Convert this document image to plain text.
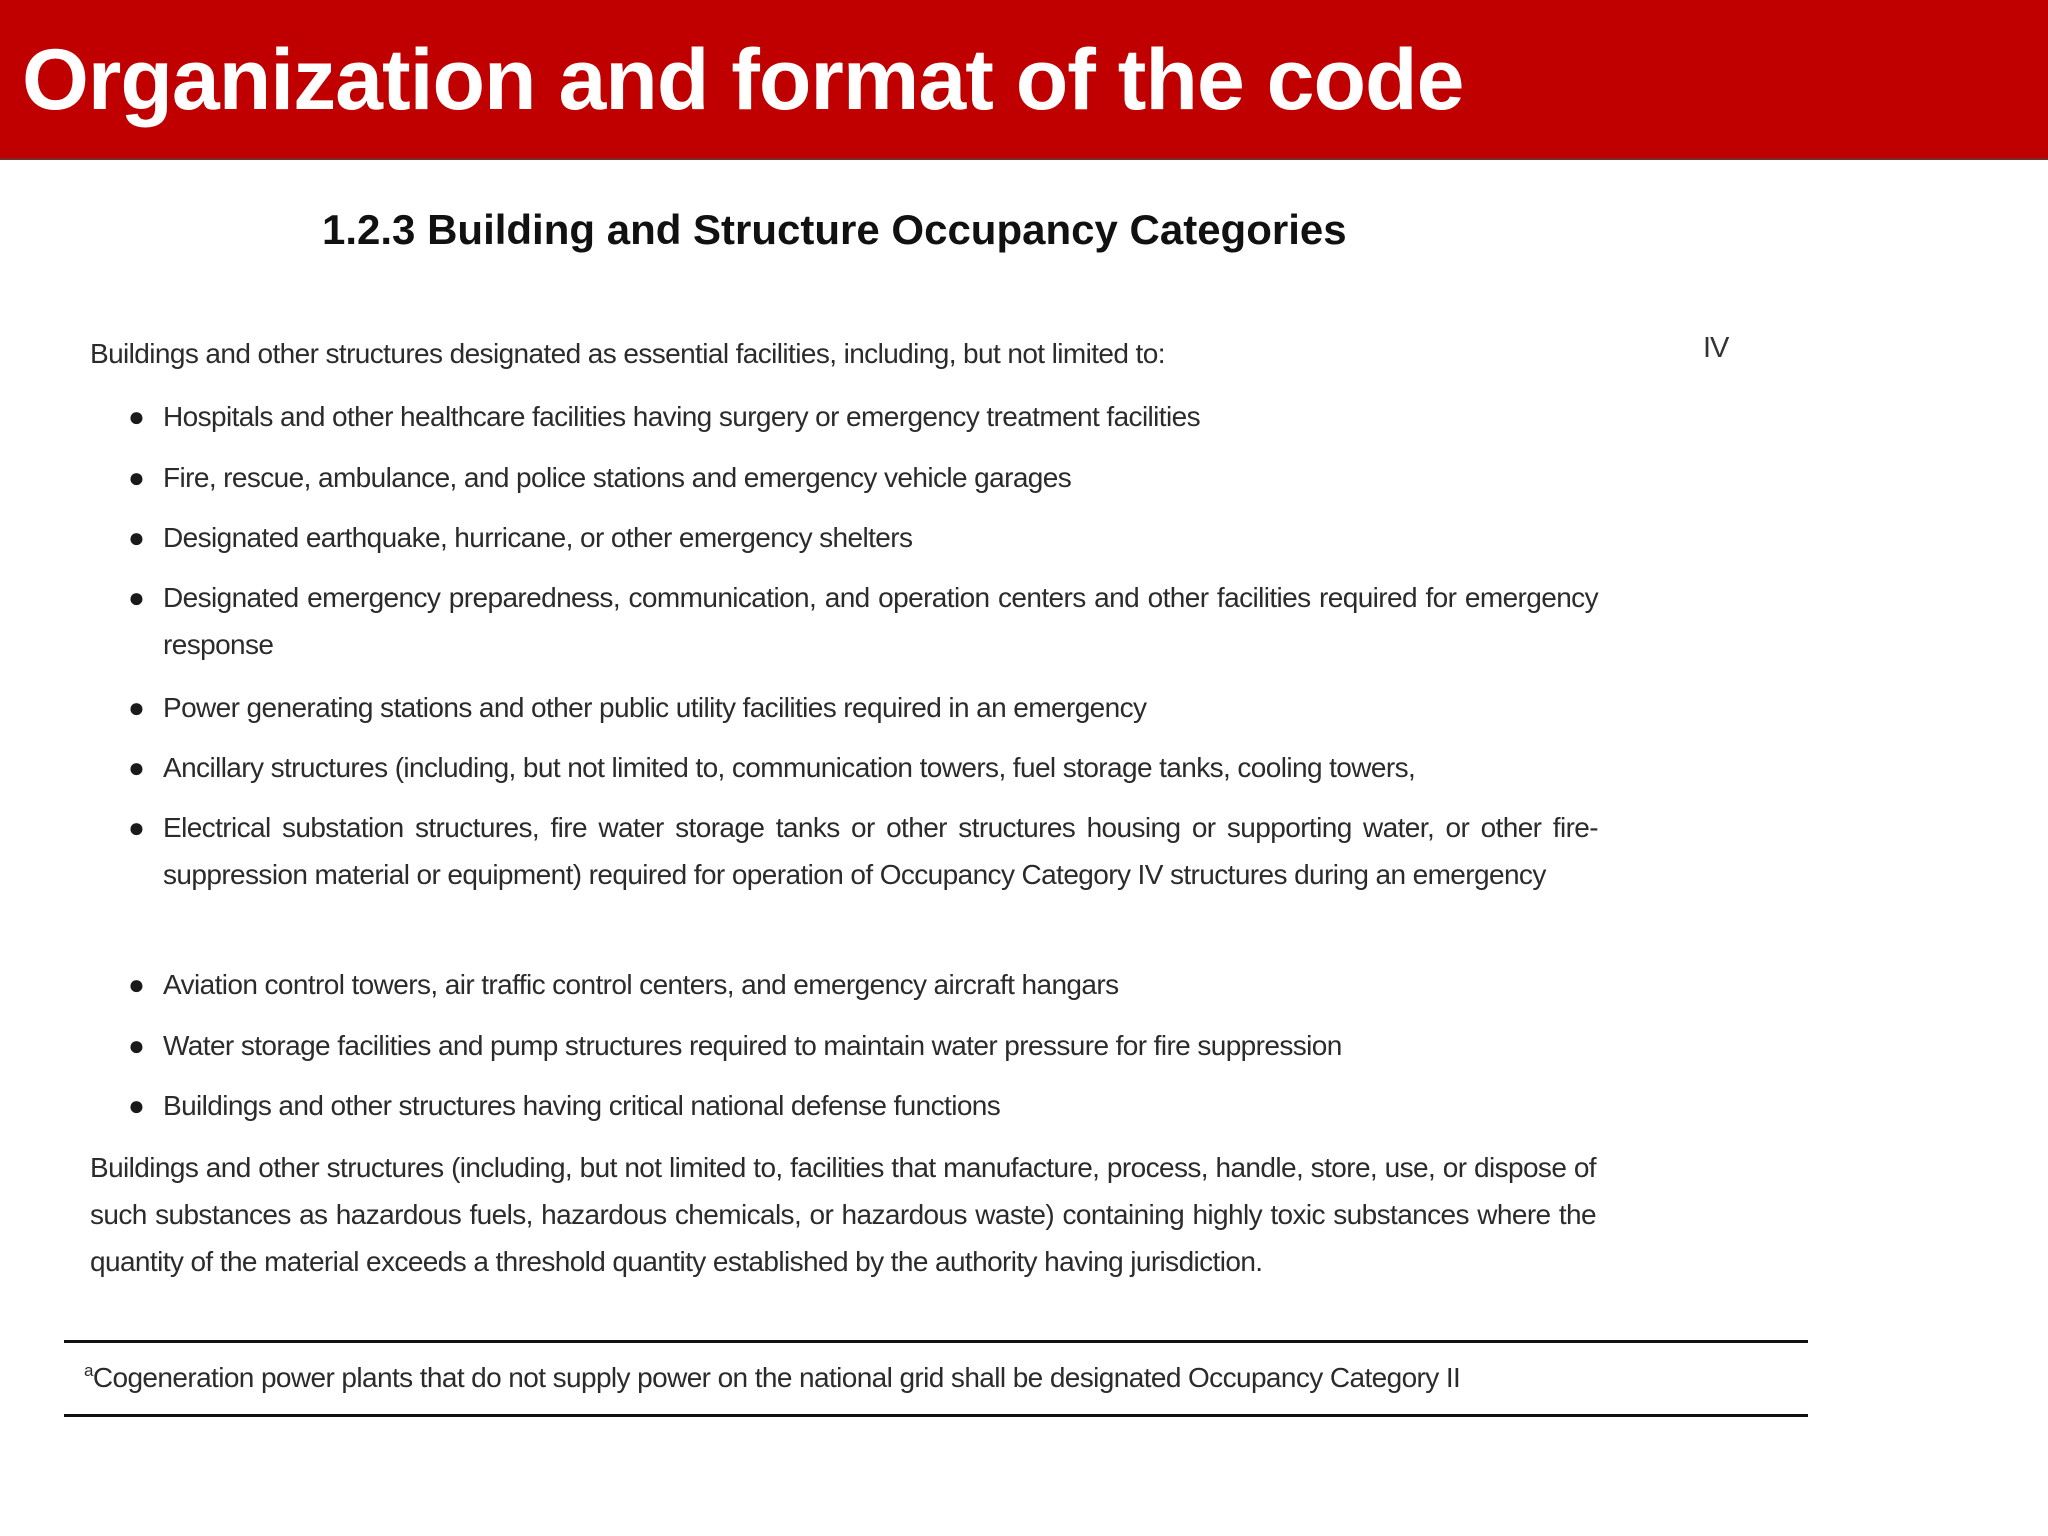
Organization and format of the code
1.2.3 Building and Structure Occupancy Categories
IV

Buildings and other structures designated as essential facilities, including, but not limited to:

● Hospitals and other healthcare facilities having surgery or emergency treatment facilities
● Fire, rescue, ambulance, and police stations and emergency vehicle garages
● Designated earthquake, hurricane, or other emergency shelters
● Designated emergency preparedness, communication, and operation centers and other facilities required for emergency response
● Power generating stations and other public utility facilities required in an emergency
● Ancillary structures (including, but not limited to, communication towers, fuel storage tanks, cooling towers,
● Electrical substation structures, fire water storage tanks or other structures housing or supporting water, or other fire-suppression material or equipment) required for operation of Occupancy Category IV structures during an emergency
● Aviation control towers, air traffic control centers, and emergency aircraft hangars
● Water storage facilities and pump structures required to maintain water pressure for fire suppression
● Buildings and other structures having critical national defense functions

Buildings and other structures (including, but not limited to, facilities that manufacture, process, handle, store, use, or dispose of such substances as hazardous fuels, hazardous chemicals, or hazardous waste) containing highly toxic substances where the quantity of the material exceeds a threshold quantity established by the authority having jurisdiction.

$^a$Cogeneration power plants that do not supply power on the national grid shall be designated Occupancy Category II
